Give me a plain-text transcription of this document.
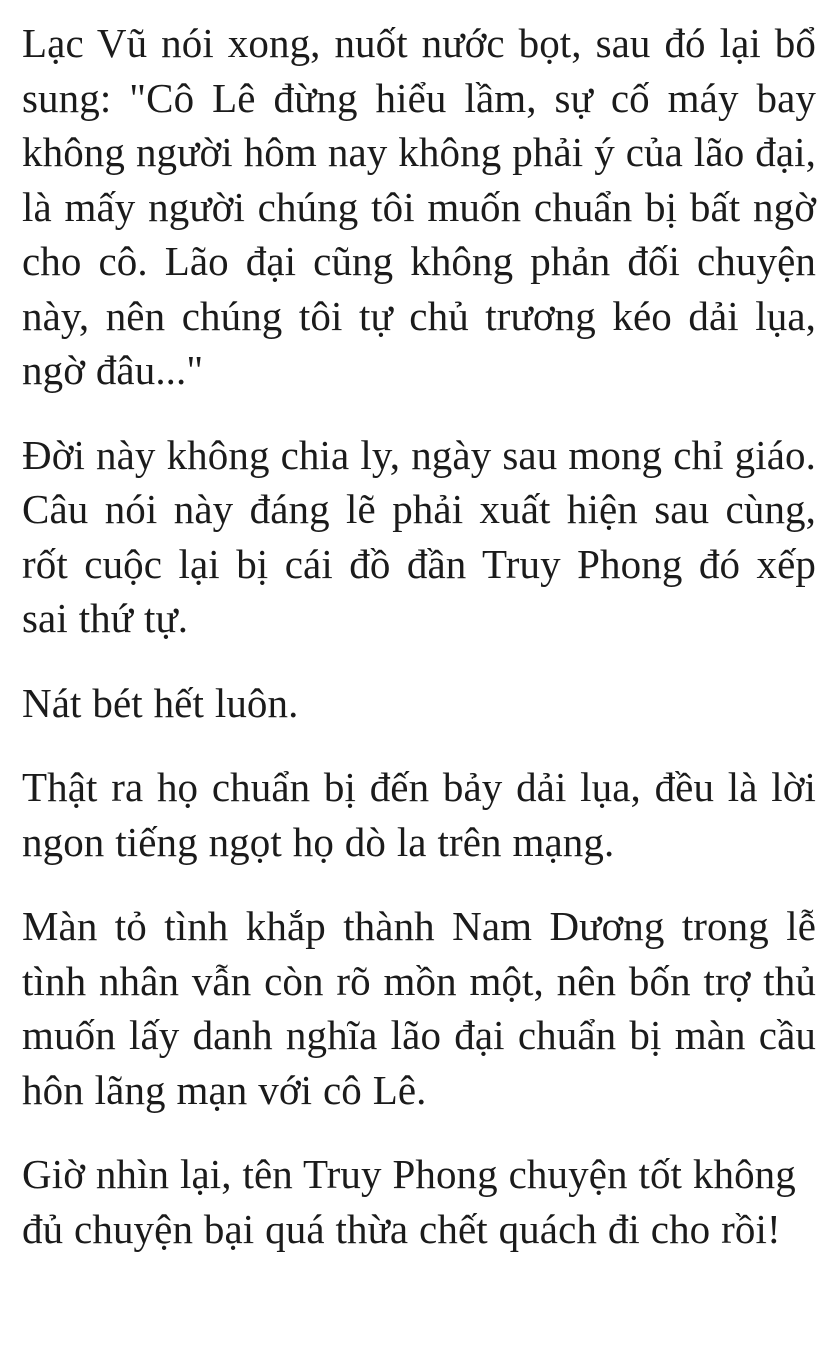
Lạc Vũ nói xong, nuốt nước bọt, sau đó lại bổ sung: "Cô Lê đừng hiểu lầm, sự cố máy bay không người hôm nay không phải ý của lão đại, là mấy người chúng tôi muốn chuẩn bị bất ngờ cho cô. Lão đại cũng không phản đối chuyện này, nên chúng tôi tự chủ trương kéo dải lụa, ngờ đâu..."

Đời này không chia ly, ngày sau mong chỉ giáo. Câu nói này đáng lẽ phải xuất hiện sau cùng, rốt cuộc lại bị cái đồ đần Truy Phong đó xếp sai thứ tự.

Nát bét hết luôn.

Thật ra họ chuẩn bị đến bảy dải lụa, đều là lời ngon tiếng ngọt họ dò la trên mạng.

Màn tỏ tình khắp thành Nam Dương trong lễ tình nhân vẫn còn rõ mồn một, nên bốn trợ thủ muốn lấy danh nghĩa lão đại chuẩn bị màn cầu hôn lãng mạn với cô Lê.

Giờ nhìn lại, tên Truy Phong chuyện tốt không đủ chuyện bại quá thừa chết quách đi cho rồi!
